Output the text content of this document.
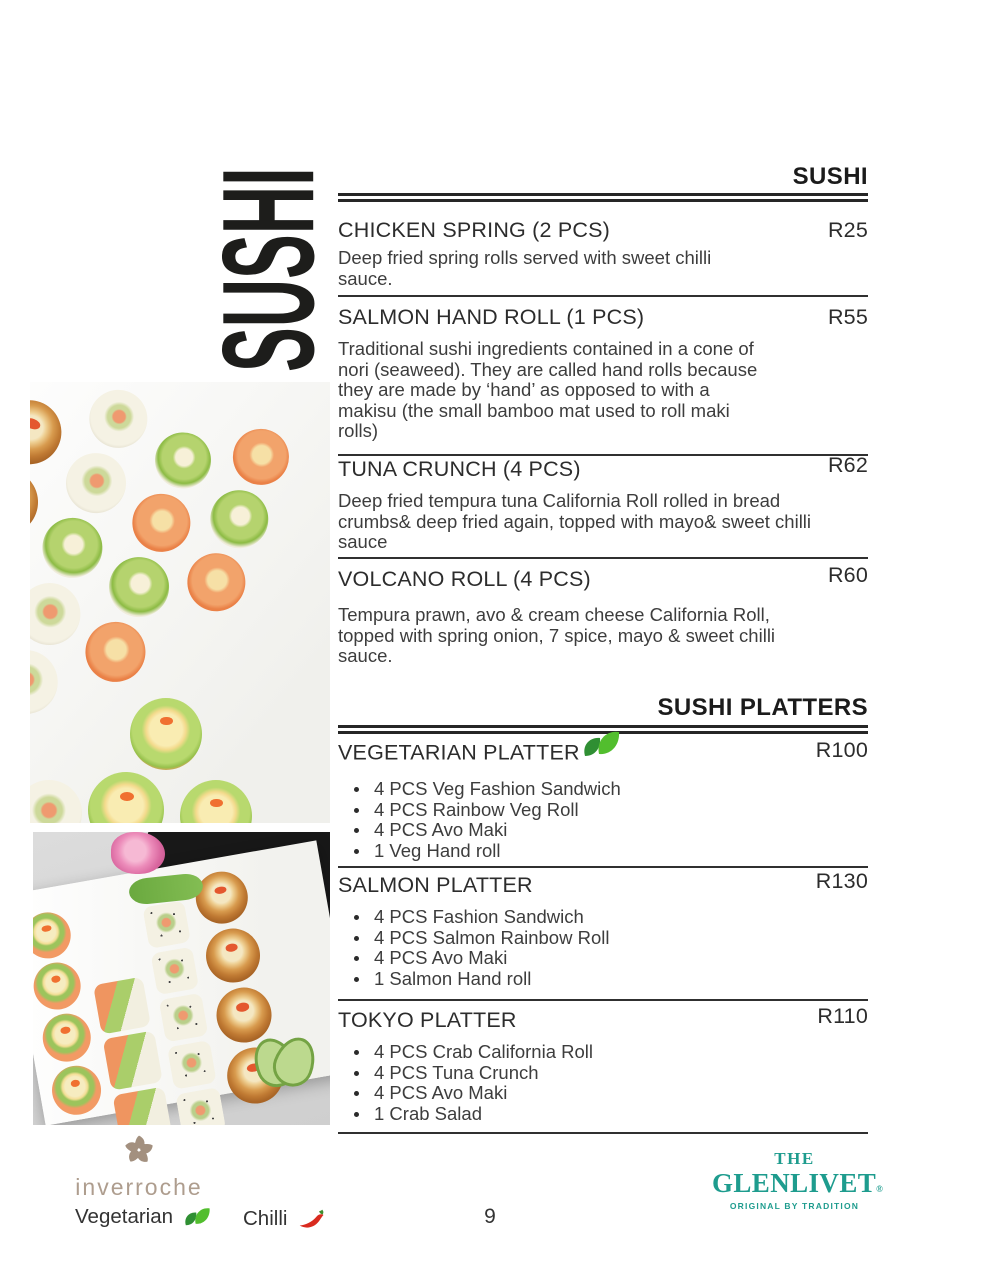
SUSHI	SUSHI
CHICKEN SPRING (2 PCS)	R25

Deep fried spring rolls served with sweet chilli sauce.

SALMON HAND ROLL (1 PCS)	R55

Traditional sushi ingredients contained in a cone of nori (seaweed). They are called hand rolls because they are made by ‘hand’ as opposed to with a makisu (the small bamboo mat used to roll maki rolls)

TUNA CRUNCH (4 PCS)	R62

Deep fried tempura tuna California Roll rolled in bread crumbs& deep fried again, topped with mayo& sweet chilli sauce

VOLCANO ROLL (4 PCS)	R60

Tempura prawn, avo & cream cheese California Roll, topped with spring onion, 7 spice, mayo & sweet chilli sauce.

SUSHI PLATTERS
VEGETARIAN PLATTER	R100
4 PCS Veg Fashion Sandwich
4 PCS Rainbow Veg Roll
4 PCS Avo Maki
1 Veg Hand roll
SALMON PLATTER	R130
4 PCS Fashion Sandwich
4 PCS Salmon Rainbow Roll
4 PCS Avo Maki
1 Salmon Hand roll
TOKYO PLATTER	R110
4 PCS Crab California Roll
4 PCS Tuna Crunch
4 PCS Avo Maki
1 Crab Salad
inverroche
Vegetarian	Chilli	9
THE
GLENLIVET®
ORIGINAL BY TRADITION
